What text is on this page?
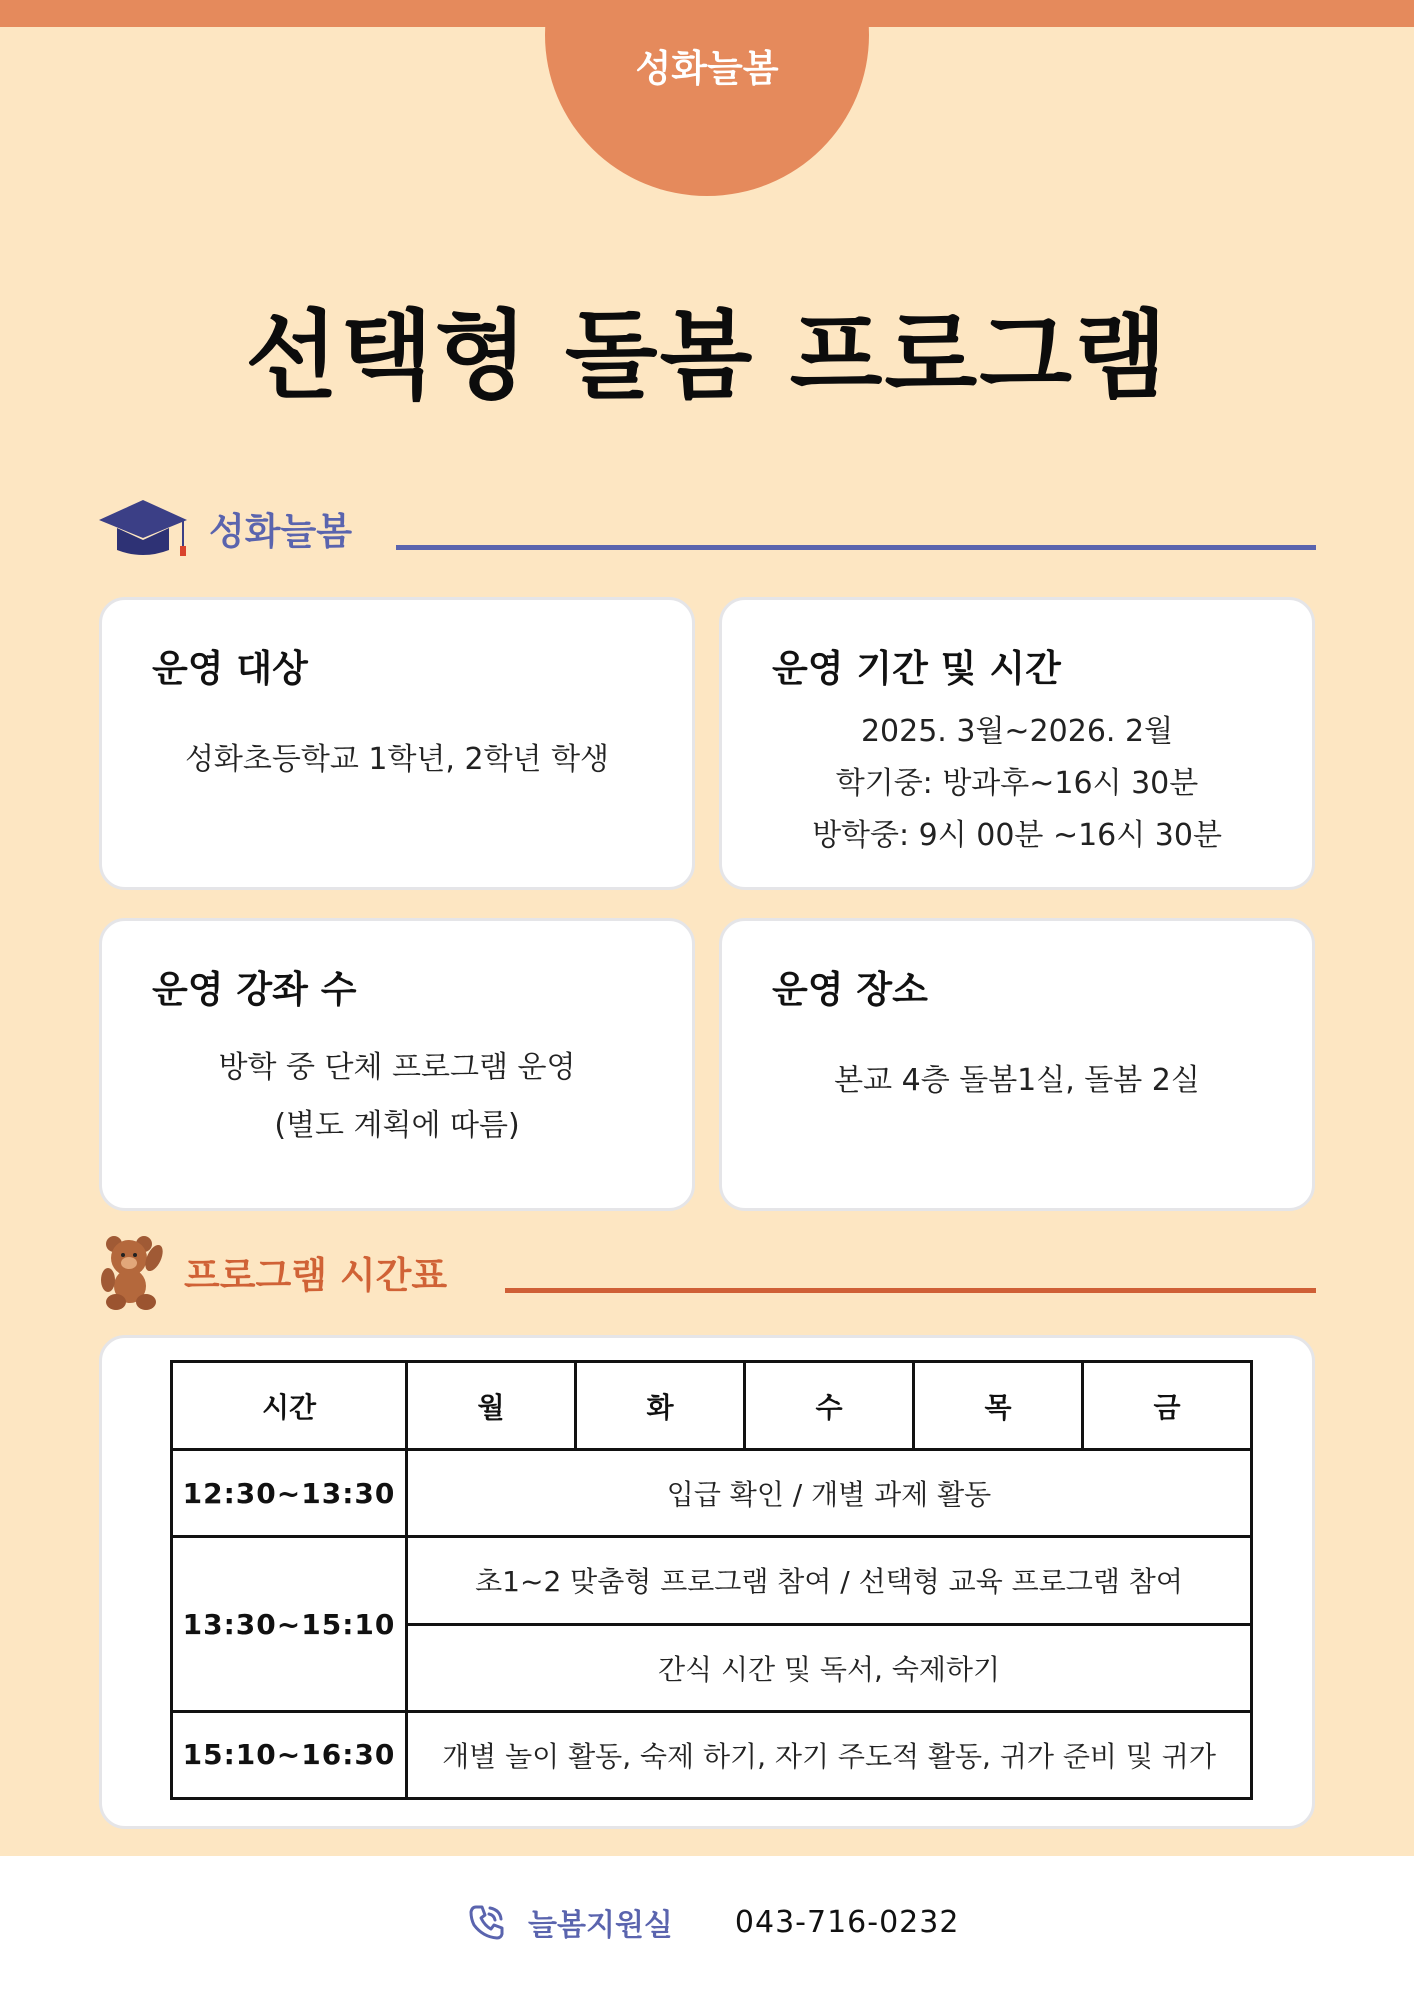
성화늘봄
선택형 돌봄 프로그램
성화늘봄
운영 대상
성화초등학교 1학년, 2학년 학생
운영 기간 및 시간
2025. 3월~2026. 2월
학기중: 방과후~16시 30분
방학중: 9시 00분 ~16시 30분
운영 강좌 수
방학 중 단체 프로그램 운영
(별도 계획에 따름)
운영 장소
본교 4층 돌봄1실, 돌봄 2실
프로그램 시간표
시간	월	화	수	목	금
12:30~13:30	입급 확인 / 개별 과제 활동				
13:30~15:10	초1~2 맞춤형 프로그램 참여 / 선택형 교육 프로그램 참여				
	간식 시간 및 독서, 숙제하기				
15:10~16:30	개별 놀이 활동, 숙제 하기, 자기 주도적 활동, 귀가 준비 및 귀가				
늘봄지원실 043-716-0232
